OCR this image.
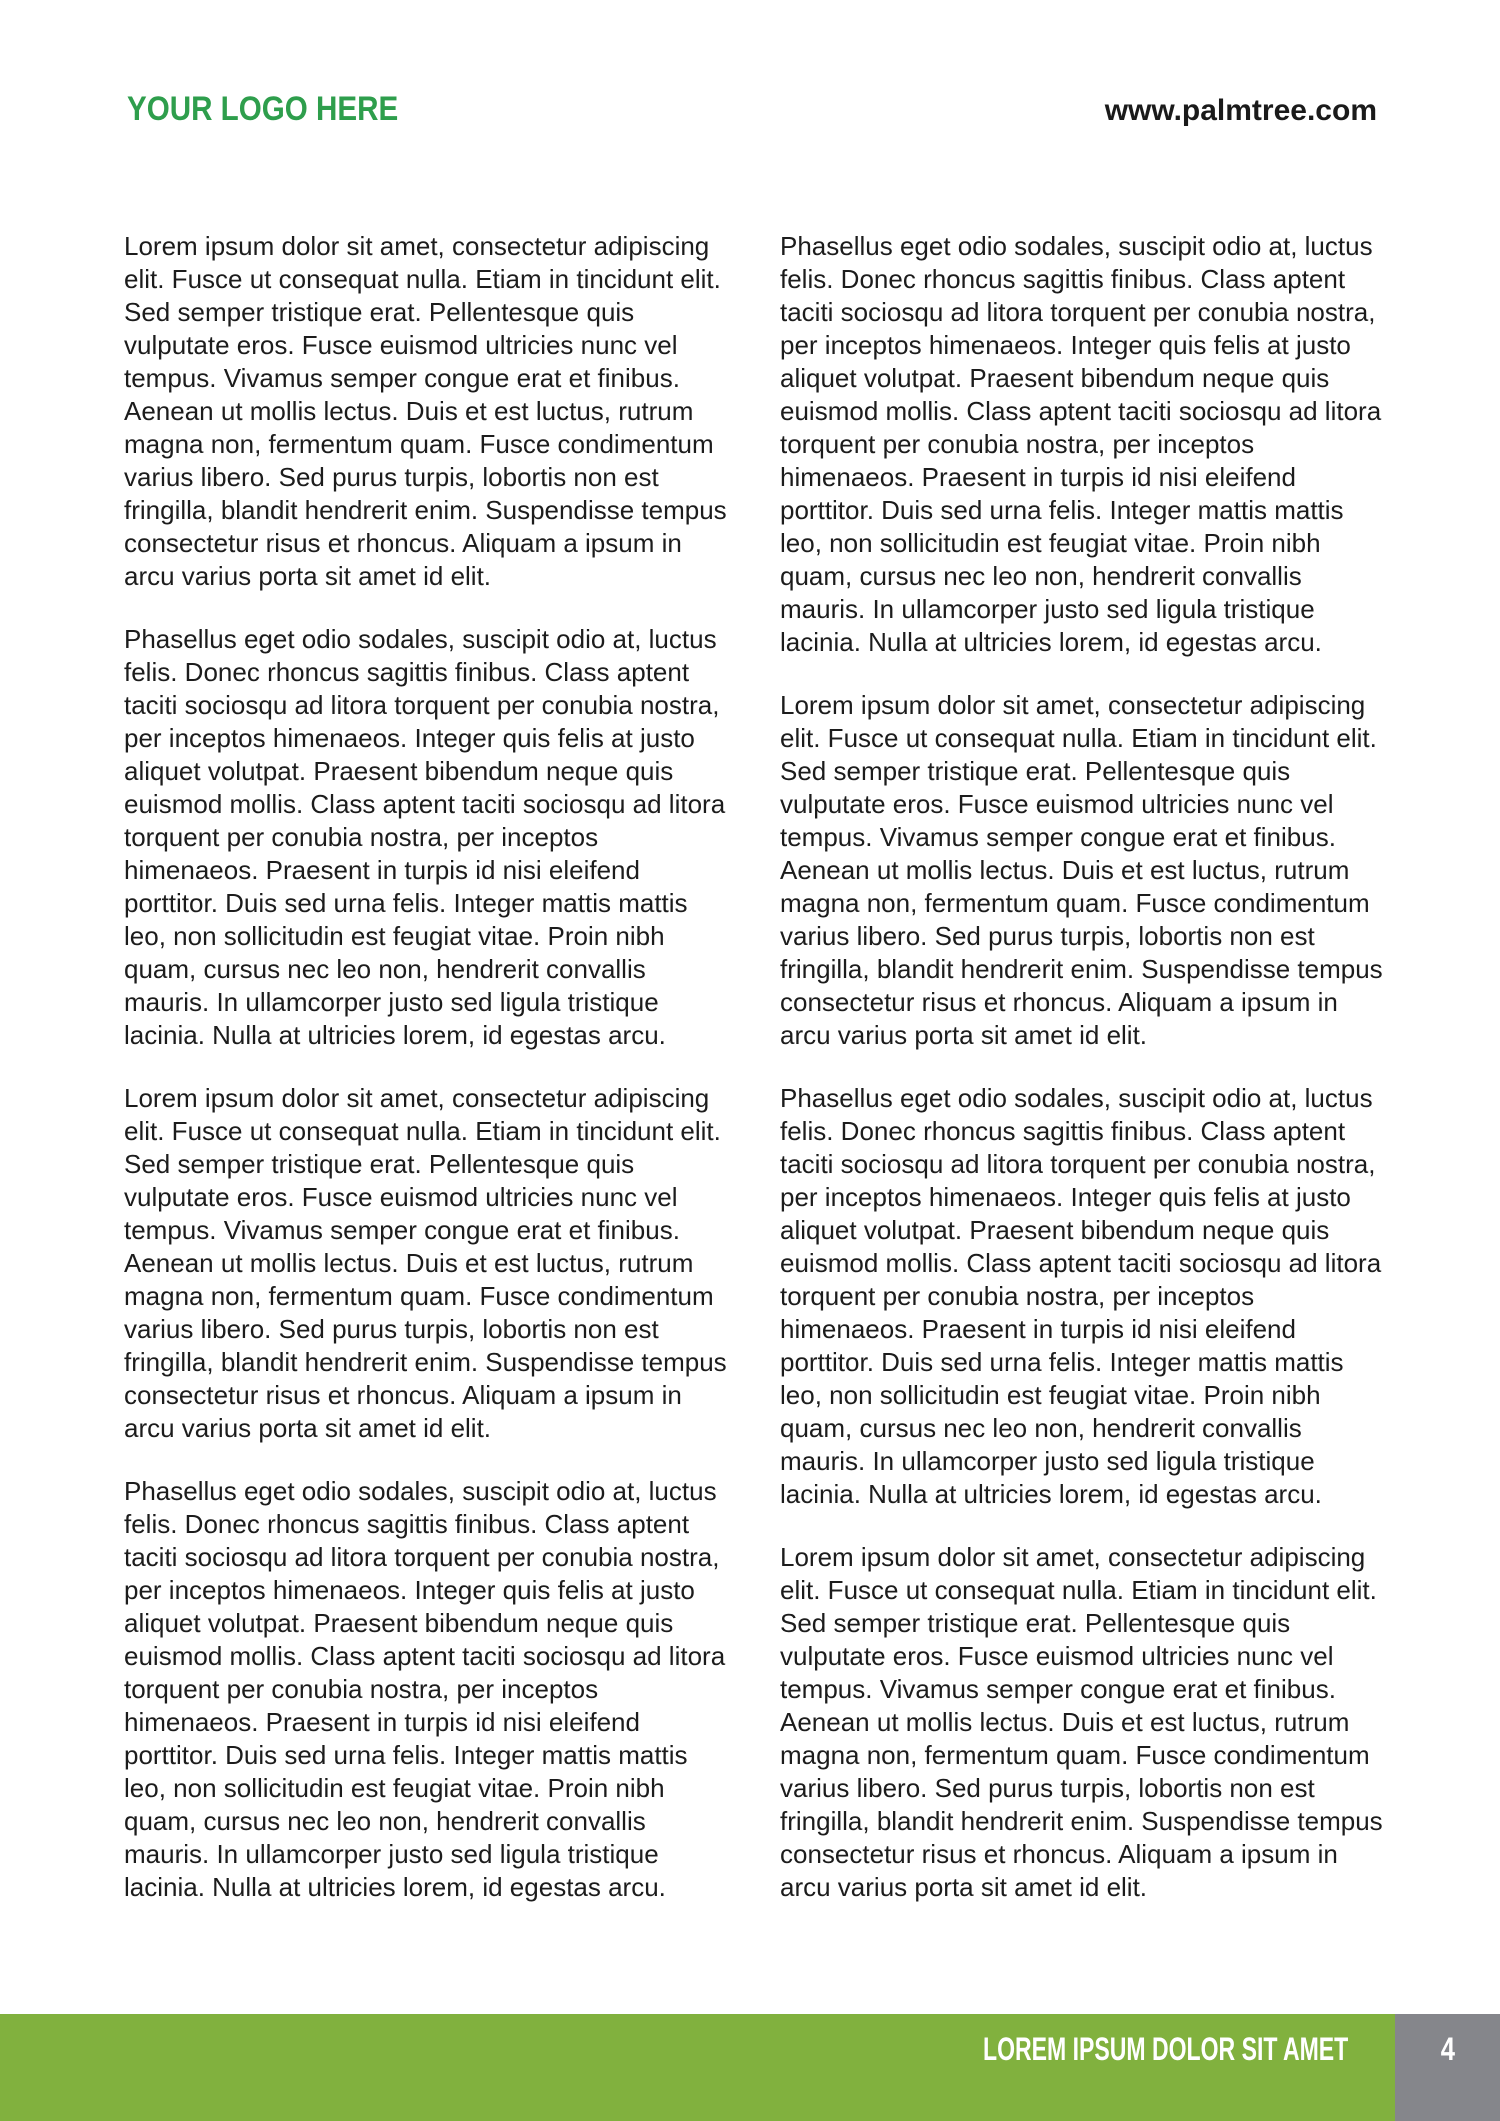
YOUR LOGO HERE	www.palmtree.com

Lorem ipsum dolor sit amet, consectetur adipiscing elit. Fusce ut consequat nulla. Etiam in tincidunt elit. Sed semper tristique erat. Pellentesque quis vulputate eros. Fusce euismod ultricies nunc vel tempus. Vivamus semper congue erat et finibus. Aenean ut mollis lectus. Duis et est luctus, rutrum magna non, fermentum quam. Fusce condimentum varius libero. Sed purus turpis, lobortis non est fringilla, blandit hendrerit enim. Suspendisse tempus consectetur risus et rhoncus. Aliquam a ipsum in arcu varius porta sit amet id elit.

Phasellus eget odio sodales, suscipit odio at, luctus felis. Donec rhoncus sagittis finibus. Class aptent taciti sociosqu ad litora torquent per conubia nostra, per inceptos himenaeos. Integer quis felis at justo aliquet volutpat. Praesent bibendum neque quis euismod mollis. Class aptent taciti sociosqu ad litora torquent per conubia nostra, per inceptos himenaeos. Praesent in turpis id nisi eleifend porttitor. Duis sed urna felis. Integer mattis mattis leo, non sollicitudin est feugiat vitae. Proin nibh quam, cursus nec leo non, hendrerit convallis mauris. In ullamcorper justo sed ligula tristique lacinia. Nulla at ultricies lorem, id egestas arcu.

Lorem ipsum dolor sit amet, consectetur adipiscing elit. Fusce ut consequat nulla. Etiam in tincidunt elit. Sed semper tristique erat. Pellentesque quis vulputate eros. Fusce euismod ultricies nunc vel tempus. Vivamus semper congue erat et finibus. Aenean ut mollis lectus. Duis et est luctus, rutrum magna non, fermentum quam. Fusce condimentum varius libero. Sed purus turpis, lobortis non est fringilla, blandit hendrerit enim. Suspendisse tempus consectetur risus et rhoncus. Aliquam a ipsum in arcu varius porta sit amet id elit.

Phasellus eget odio sodales, suscipit odio at, luctus felis. Donec rhoncus sagittis finibus. Class aptent taciti sociosqu ad litora torquent per conubia nostra, per inceptos himenaeos. Integer quis felis at justo aliquet volutpat. Praesent bibendum neque quis euismod mollis. Class aptent taciti sociosqu ad litora torquent per conubia nostra, per inceptos himenaeos. Praesent in turpis id nisi eleifend porttitor. Duis sed urna felis. Integer mattis mattis leo, non sollicitudin est feugiat vitae. Proin nibh quam, cursus nec leo non, hendrerit convallis mauris. In ullamcorper justo sed ligula tristique lacinia. Nulla at ultricies lorem, id egestas arcu.

Phasellus eget odio sodales, suscipit odio at, luctus felis. Donec rhoncus sagittis finibus. Class aptent taciti sociosqu ad litora torquent per conubia nostra, per inceptos himenaeos. Integer quis felis at justo aliquet volutpat. Praesent bibendum neque quis euismod mollis. Class aptent taciti sociosqu ad litora torquent per conubia nostra, per inceptos himenaeos. Praesent in turpis id nisi eleifend porttitor. Duis sed urna felis. Integer mattis mattis leo, non sollicitudin est feugiat vitae. Proin nibh quam, cursus nec leo non, hendrerit convallis mauris. In ullamcorper justo sed ligula tristique lacinia. Nulla at ultricies lorem, id egestas arcu.

Lorem ipsum dolor sit amet, consectetur adipiscing elit. Fusce ut consequat nulla. Etiam in tincidunt elit. Sed semper tristique erat. Pellentesque quis vulputate eros. Fusce euismod ultricies nunc vel tempus. Vivamus semper congue erat et finibus. Aenean ut mollis lectus. Duis et est luctus, rutrum magna non, fermentum quam. Fusce condimentum varius libero. Sed purus turpis, lobortis non est fringilla, blandit hendrerit enim. Suspendisse tempus consectetur risus et rhoncus. Aliquam a ipsum in arcu varius porta sit amet id elit.

Phasellus eget odio sodales, suscipit odio at, luctus felis. Donec rhoncus sagittis finibus. Class aptent taciti sociosqu ad litora torquent per conubia nostra, per inceptos himenaeos. Integer quis felis at justo aliquet volutpat. Praesent bibendum neque quis euismod mollis. Class aptent taciti sociosqu ad litora torquent per conubia nostra, per inceptos himenaeos. Praesent in turpis id nisi eleifend porttitor. Duis sed urna felis. Integer mattis mattis leo, non sollicitudin est feugiat vitae. Proin nibh quam, cursus nec leo non, hendrerit convallis mauris. In ullamcorper justo sed ligula tristique lacinia. Nulla at ultricies lorem, id egestas arcu.

Lorem ipsum dolor sit amet, consectetur adipiscing elit. Fusce ut consequat nulla. Etiam in tincidunt elit. Sed semper tristique erat. Pellentesque quis vulputate eros. Fusce euismod ultricies nunc vel tempus. Vivamus semper congue erat et finibus. Aenean ut mollis lectus. Duis et est luctus, rutrum magna non, fermentum quam. Fusce condimentum varius libero. Sed purus turpis, lobortis non est fringilla, blandit hendrerit enim. Suspendisse tempus consectetur risus et rhoncus. Aliquam a ipsum in arcu varius porta sit amet id elit.

LOREM IPSUM DOLOR SIT AMET	4
